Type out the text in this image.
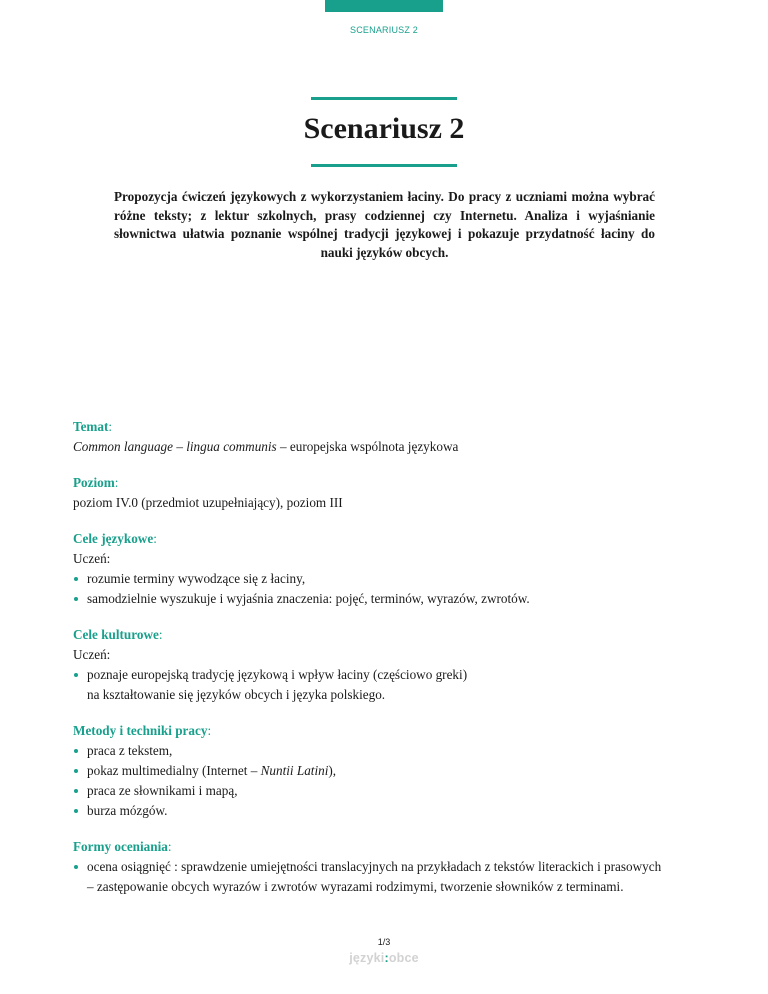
SCENARIUSZ 2
Scenariusz 2

Propozycja ćwiczeń językowych z wykorzystaniem łaciny. Do pracy z uczniami można wybrać różne teksty; z lektur szkolnych, prasy codziennej czy Internetu. Analiza i wyjaśnianie słownictwa ułatwia poznanie wspólnej tradycji językowej i pokazuje przydatność łaciny do nauki języków obcych.

Temat:

Common language – lingua communis – europejska wspólnota językowa

Poziom:

poziom IV.0 (przedmiot uzupełniający), poziom III

Cele językowe:

Uczeń:

rozumie terminy wywodzące się z łaciny,
samodzielnie wyszukuje i wyjaśnia znaczenia: pojęć, terminów, wyrazów, zwrotów.

Cele kulturowe:

Uczeń:

poznaje europejską tradycję językową i wpływ łaciny (częściowo greki)
na kształtowanie się języków obcych i języka polskiego.

Metody i techniki pracy:

praca z tekstem,
pokaz multimedialny (Internet – Nuntii Latini),
praca ze słownikami i mapą,
burza mózgów.

Formy oceniania:

ocena osiągnięć : sprawdzenie umiejętności translacyjnych na przykładach z tekstów literackich i prasowych
– zastępowanie obcych wyrazów i zwrotów wyrazami rodzimymi, tworzenie słowników z terminami.
1/3
języki:obce
